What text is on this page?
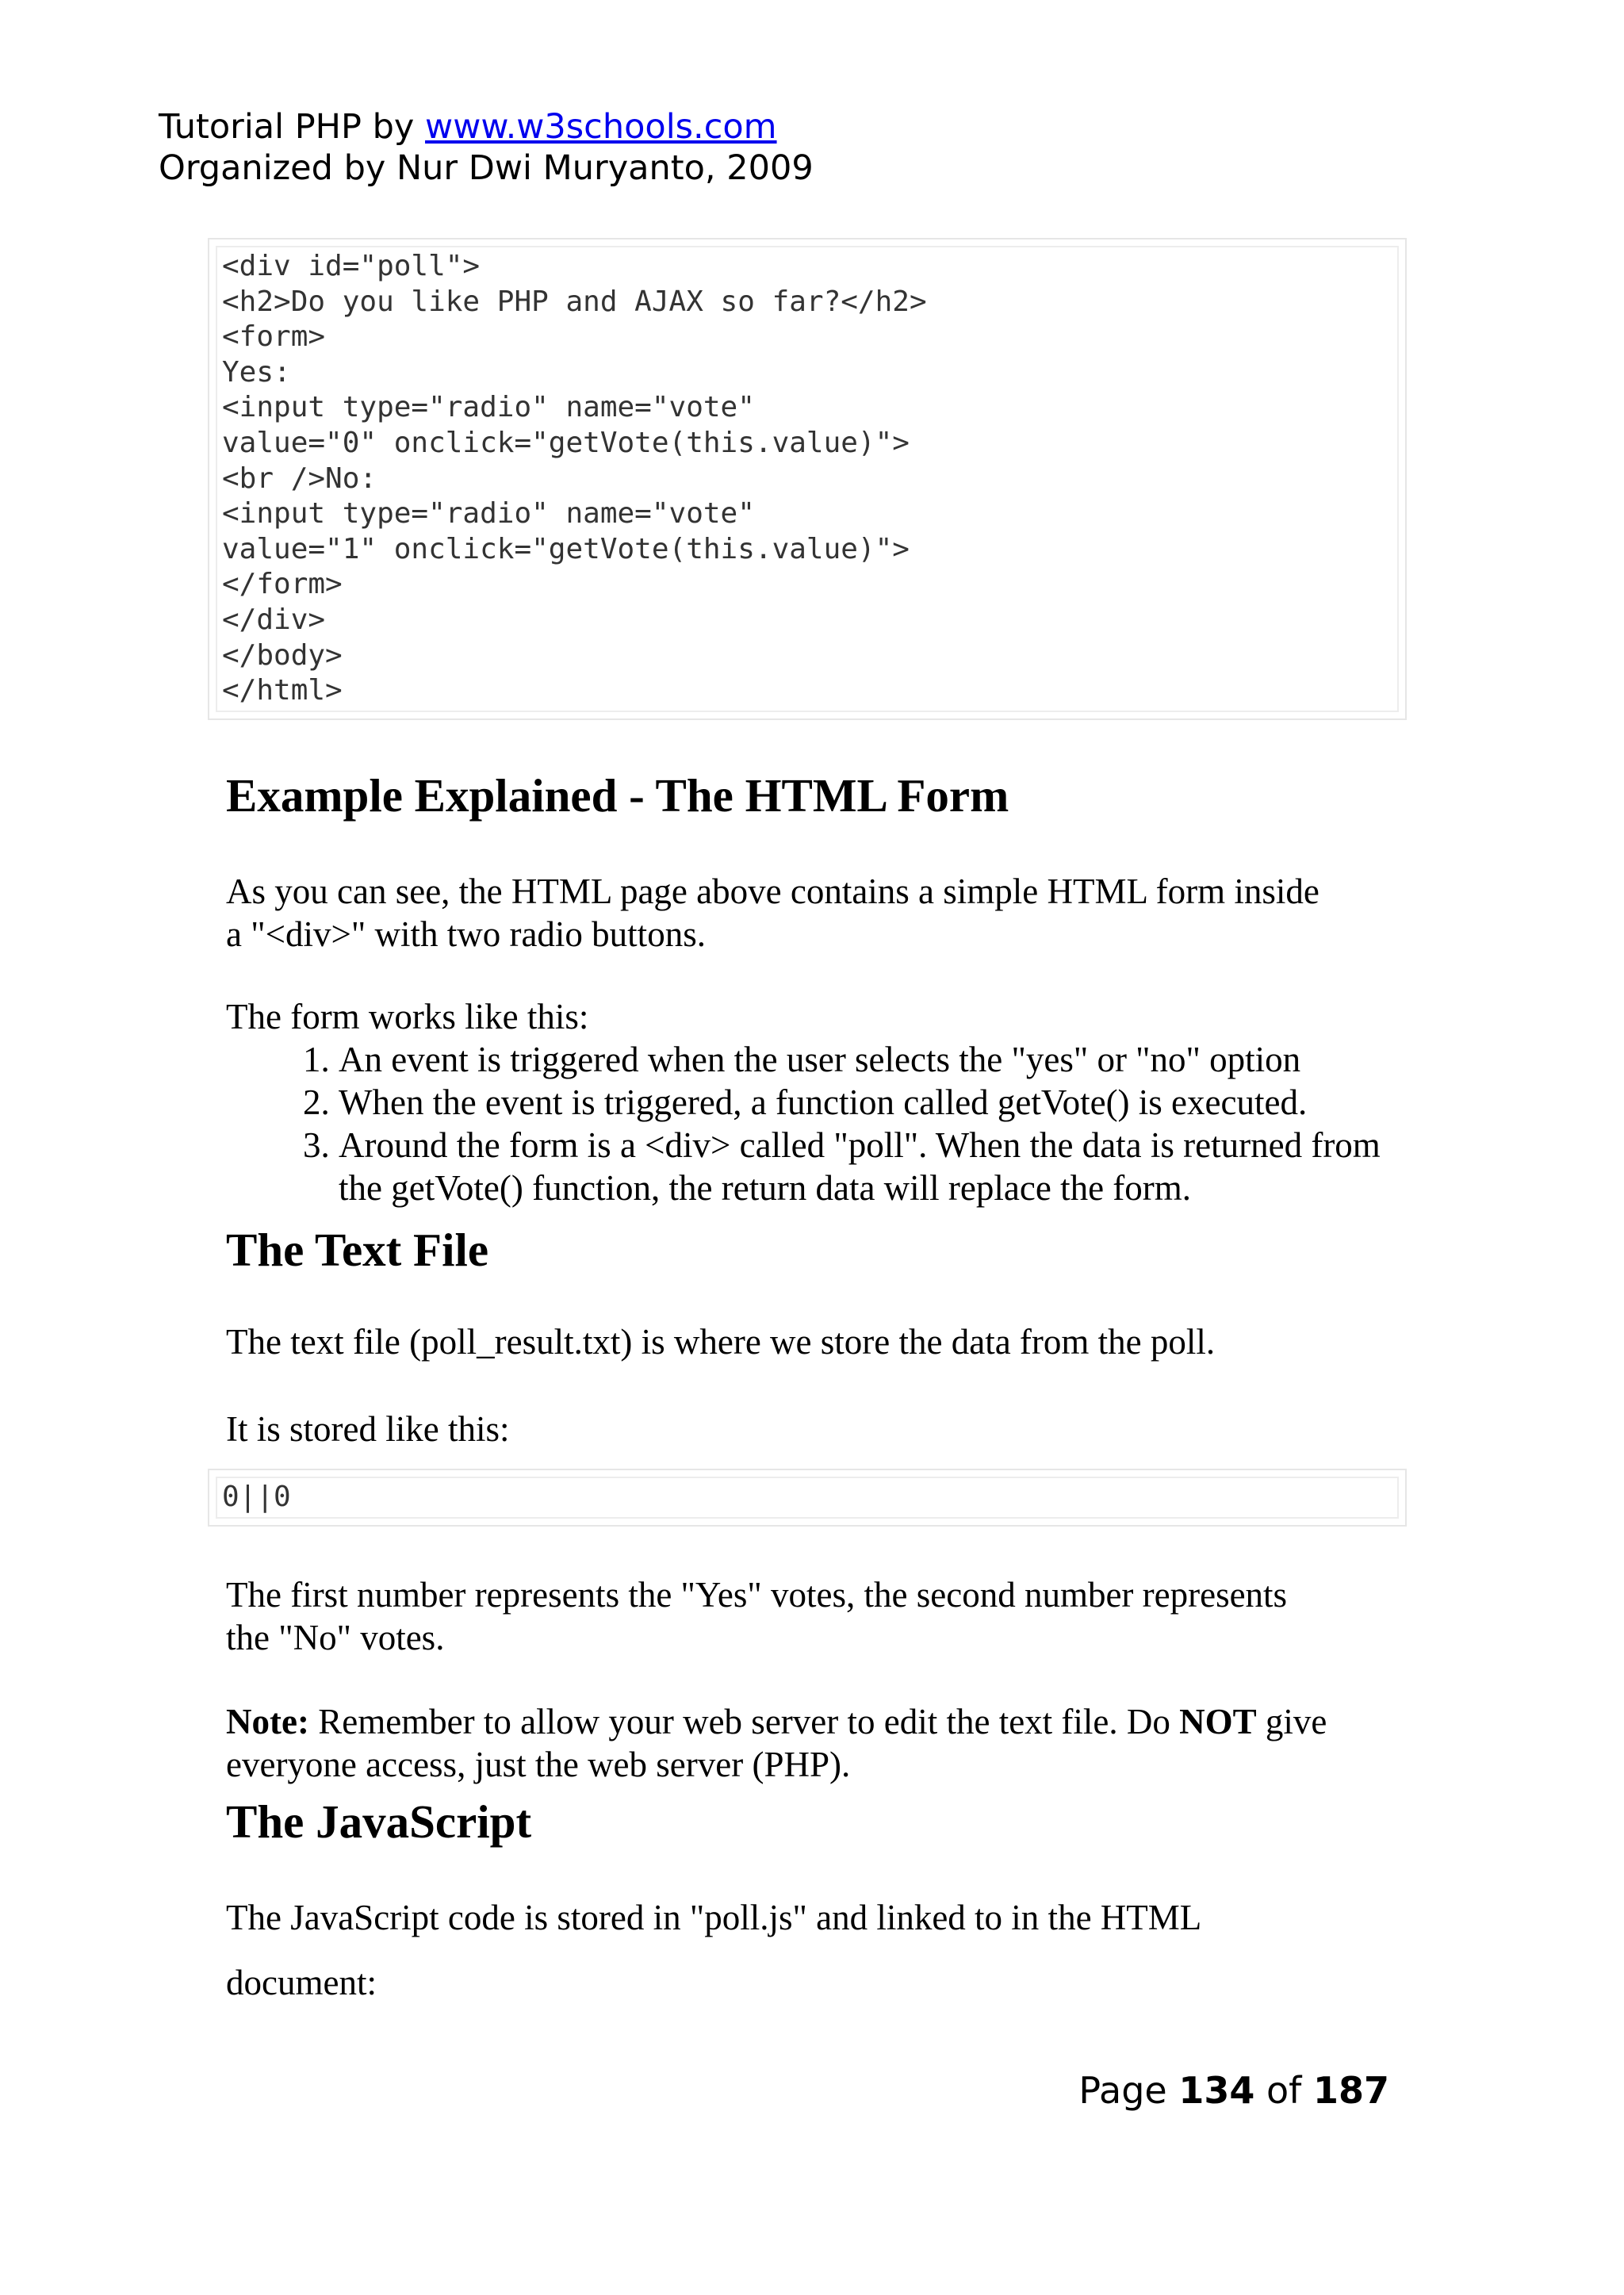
Tutorial PHP by www.w3schools.com
Organized by Nur Dwi Muryanto, 2009
<div id="poll">
<h2>Do you like PHP and AJAX so far?</h2>
<form>
Yes:
<input type="radio" name="vote"
value="0" onclick="getVote(this.value)">
<br />No:
<input type="radio" name="vote"
value="1" onclick="getVote(this.value)">
</form>
</div>
</body>
</html>
Example Explained - The HTML Form
As you can see, the HTML page above contains a simple HTML form inside
a "<div>" with two radio buttons.
The form works like this:
1. An event is triggered when the user selects the "yes" or "no" option
2. When the event is triggered, a function called getVote() is executed.
3. Around the form is a <div> called "poll". When the data is returned from the getVote() function, the return data will replace the form.
The Text File
The text file (poll_result.txt) is where we store the data from the poll.
It is stored like this:
0||0
The first number represents the "Yes" votes, the second number represents
the "No" votes.
Note: Remember to allow your web server to edit the text file. Do NOT give
everyone access, just the web server (PHP).
The JavaScript
The JavaScript code is stored in "poll.js" and linked to in the HTML
document:
Page 134 of 187
